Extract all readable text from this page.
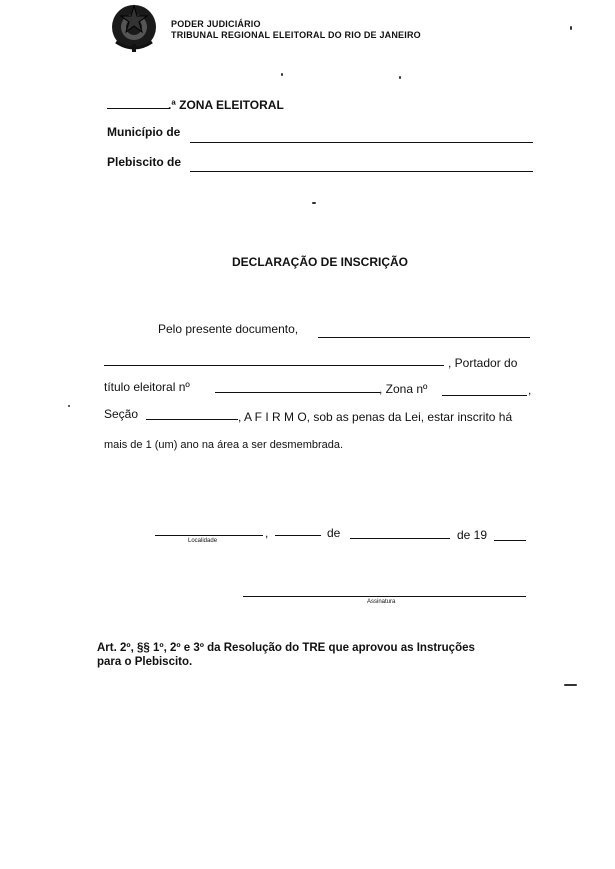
PODER JUDICIÁRIO
TRIBUNAL REGIONAL ELEITORAL DO RIO DE JANEIRO
.ª ZONA ELEITORAL
Município de
Plebiscito de
DECLARAÇÃO DE INSCRIÇÃO
Pelo presente documento,
, Portador do
título eleitoral nº	, Zona nº	,
Seção	, A F I R M O, sob as penas da Lei, estar inscrito há
mais de 1 (um) ano na área a ser desmembrada.
Localidade
,	de	de 19
Assinatura
Art. 2º, §§ 1º, 2º e 3º da Resolução do TRE que aprovou as Instruções
para o Plebiscito.
